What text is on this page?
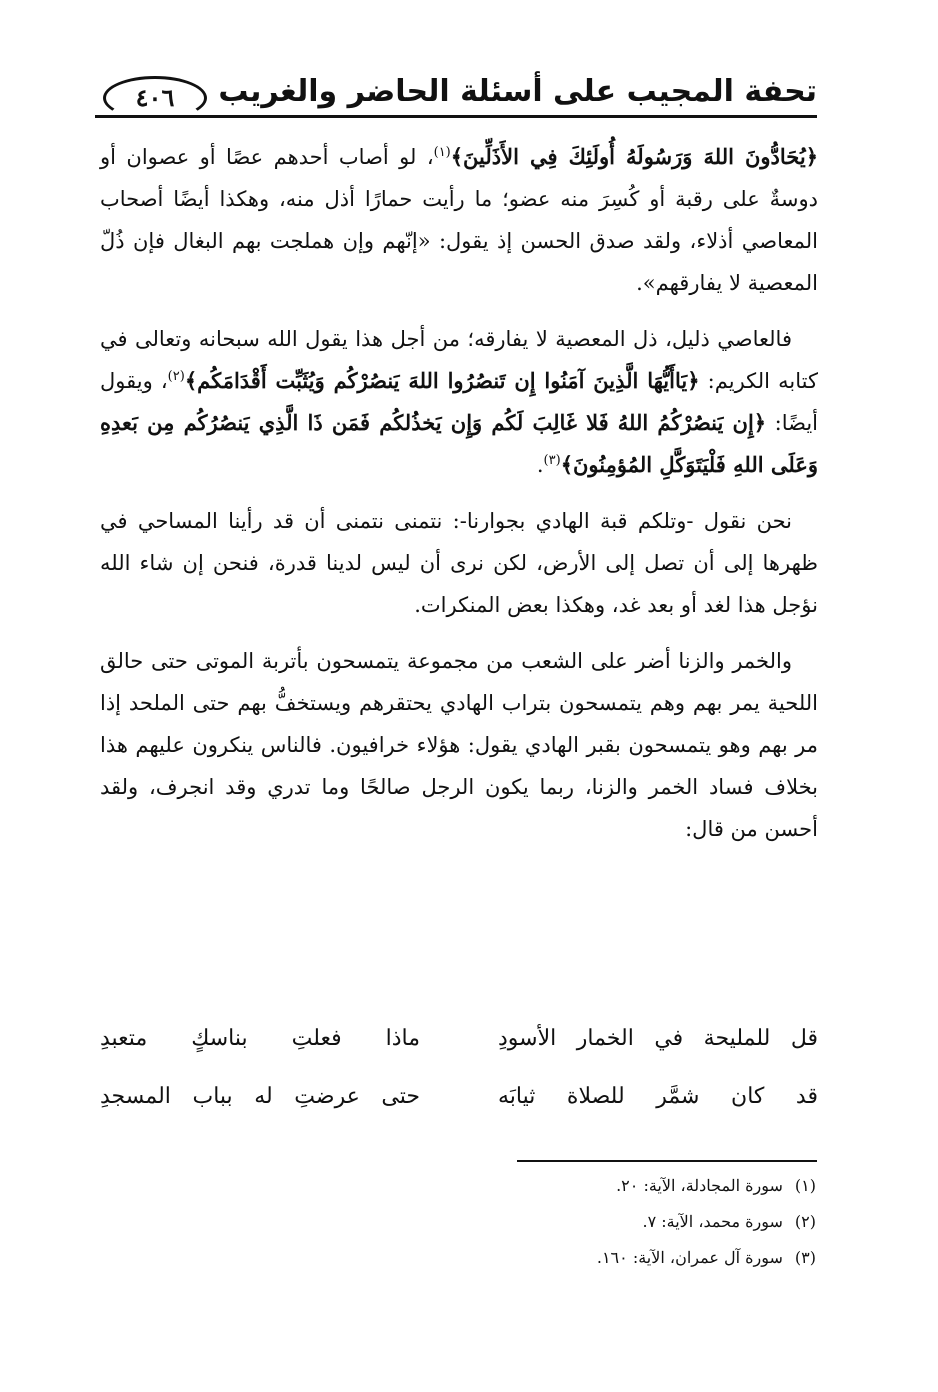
تحفة المجيب على أسئلة الحاضر والغريب
٤٠٦

﴿يُحَادُّونَ اللهَ وَرَسُولَهُ أُولَئِكَ فِي الأَذَلِّينَ﴾$^{(١)}$، لو أصاب أحدهم عصًا أو عصوان أو دوسةٌ على رقبة أو كُسِرَ منه عضو؛ ما رأيت حمارًا أذل منه، وهكذا أيضًا أصحاب المعاصي أذلاء، ولقد صدق الحسن إذ يقول: «إنّهم وإن هملجت بهم البغال فإن ذُلّ المعصية لا يفارقهم».

فالعاصي ذليل، ذل المعصية لا يفارقه؛ من أجل هذا يقول الله سبحانه وتعالى في كتابه الكريم: ﴿يَاأَيُّهَا الَّذِينَ آمَنُوا إِن تَنصُرُوا اللهَ يَنصُرْكُم وَيُثَبِّت أَقْدَامَكُم﴾$^{(٢)}$، ويقول أيضًا: ﴿إِن يَنصُرْكُمُ اللهُ فَلا غَالِبَ لَكُم وَإِن يَخذُلكُم فَمَن ذَا الَّذِي يَنصُرُكُم مِن بَعدِهِ وَعَلَى اللهِ فَلْيَتَوَكَّلِ المُؤمِنُونَ﴾$^{(٣)}$.

نحن نقول -وتلكم قبة الهادي بجوارنا-: نتمنى نتمنى أن قد رأينا المساحي في ظهرها إلى أن تصل إلى الأرض، لكن نرى أن ليس لدينا قدرة، فنحن إن شاء الله نؤجل هذا لغد أو بعد غد، وهكذا بعض المنكرات.

والخمر والزنا أضر على الشعب من مجموعة يتمسحون بأتربة الموتى حتى حالق اللحية يمر بهم وهم يتمسحون بتراب الهادي يحتقرهم ويستخفُّ بهم حتى الملحد إذا مر بهم وهو يتمسحون بقبر الهادي يقول: هؤلاء خرافيون. فالناس ينكرون عليهم هذا بخلاف فساد الخمر والزنا، ربما يكون الرجل صالحًا وما تدري وقد انجرف، ولقد أحسن من قال:

قل للمليحة في الخمار الأسودِ
ماذا فعلتِ بناسكٍ متعبدِ
قد كان شمَّر للصلاة ثيابَه
حتى عرضتِ له بباب المسجدِ
(١)سورة المجادلة، الآية: ٢٠.
(٢)سورة محمد، الآية: ٧.
(٣)سورة آل عمران، الآية: ١٦٠.
